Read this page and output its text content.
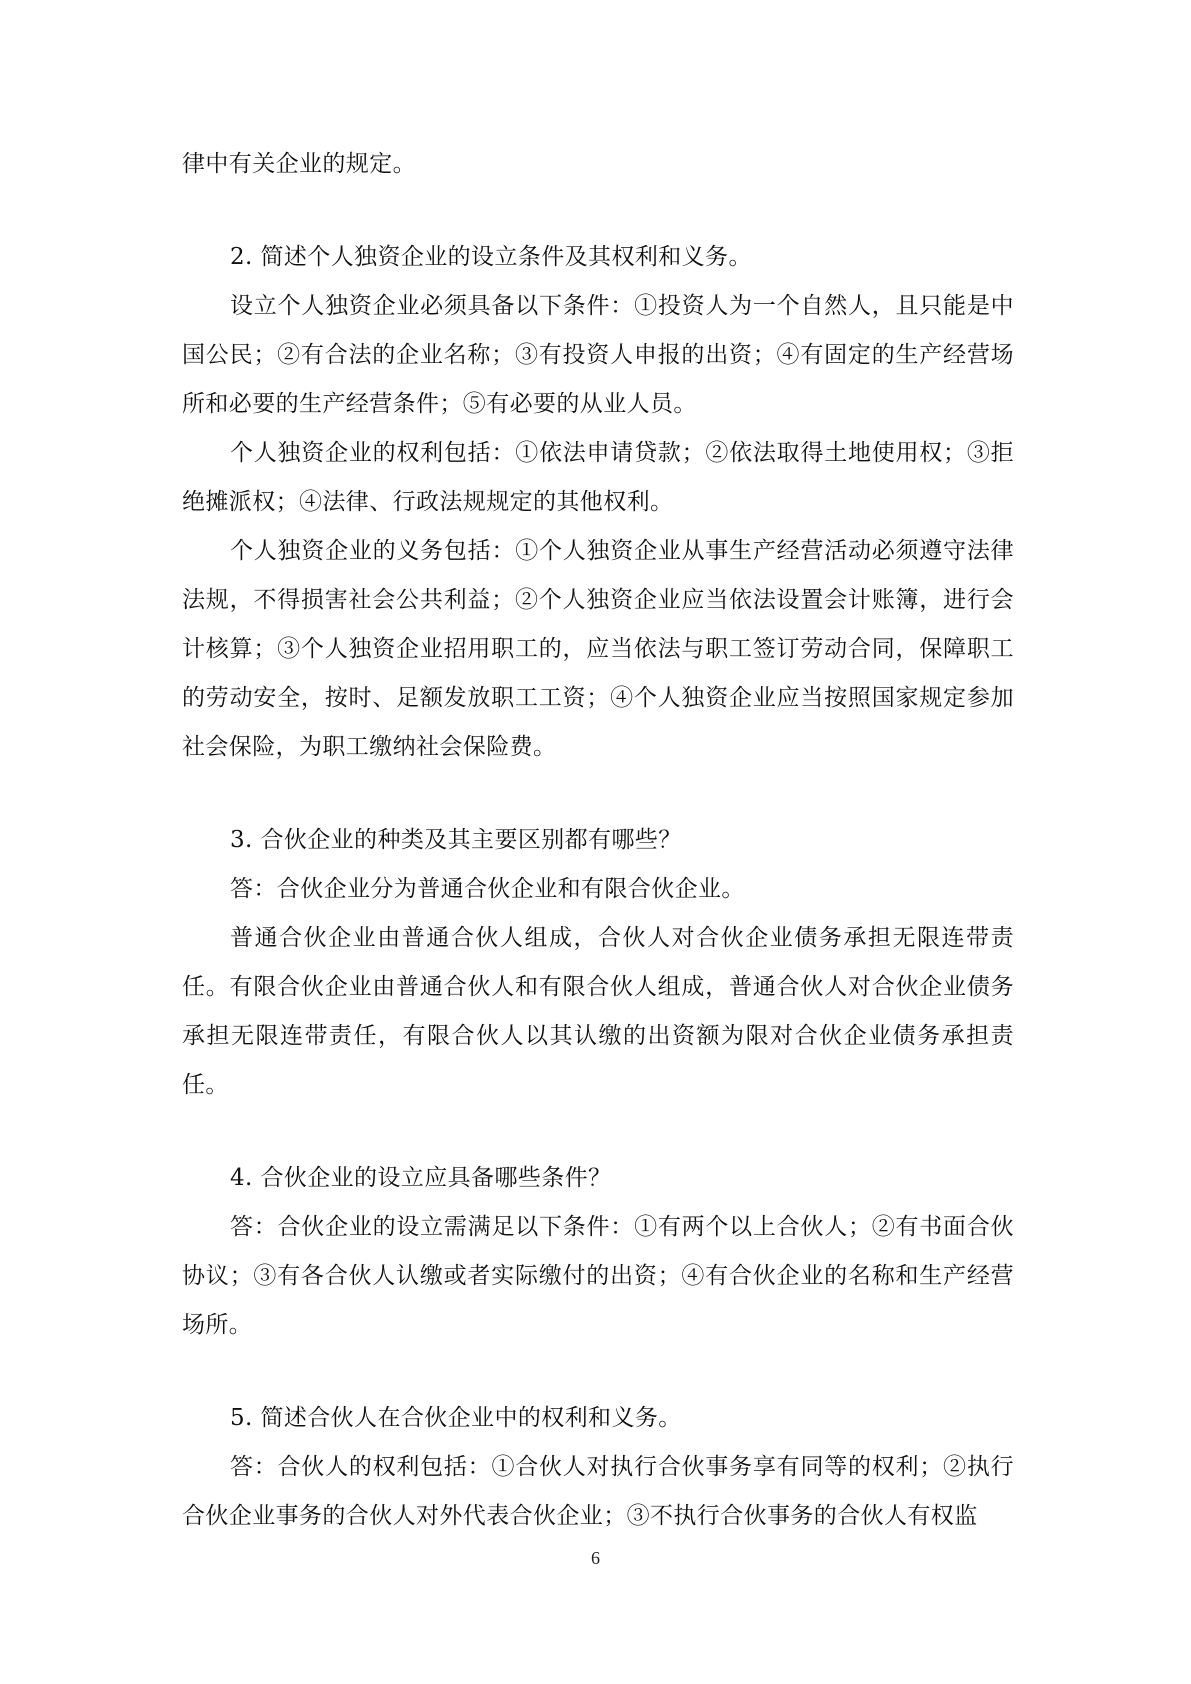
律中有关企业的规定。

2. 简述个人独资企业的设立条件及其权利和义务。

设立个人独资企业必须具备以下条件：①投资人为一个自然人，且只能是中国公民；②有合法的企业名称；③有投资人申报的出资；④有固定的生产经营场所和必要的生产经营条件；⑤有必要的从业人员。

个人独资企业的权利包括：①依法申请贷款；②依法取得土地使用权；③拒绝摊派权；④法律、行政法规规定的其他权利。

个人独资企业的义务包括：①个人独资企业从事生产经营活动必须遵守法律法规，不得损害社会公共利益；②个人独资企业应当依法设置会计账簿，进行会计核算；③个人独资企业招用职工的，应当依法与职工签订劳动合同，保障职工的劳动安全，按时、足额发放职工工资；④个人独资企业应当按照国家规定参加社会保险，为职工缴纳社会保险费。

3. 合伙企业的种类及其主要区别都有哪些？

答：合伙企业分为普通合伙企业和有限合伙企业。

普通合伙企业由普通合伙人组成，合伙人对合伙企业债务承担无限连带责任。有限合伙企业由普通合伙人和有限合伙人组成，普通合伙人对合伙企业债务承担无限连带责任，有限合伙人以其认缴的出资额为限对合伙企业债务承担责任。

4. 合伙企业的设立应具备哪些条件？

答：合伙企业的设立需满足以下条件：①有两个以上合伙人；②有书面合伙协议；③有各合伙人认缴或者实际缴付的出资；④有合伙企业的名称和生产经营场所。

5. 简述合伙人在合伙企业中的权利和义务。

答：合伙人的权利包括：①合伙人对执行合伙事务享有同等的权利；②执行合伙企业事务的合伙人对外代表合伙企业；③不执行合伙事务的合伙人有权监

6
